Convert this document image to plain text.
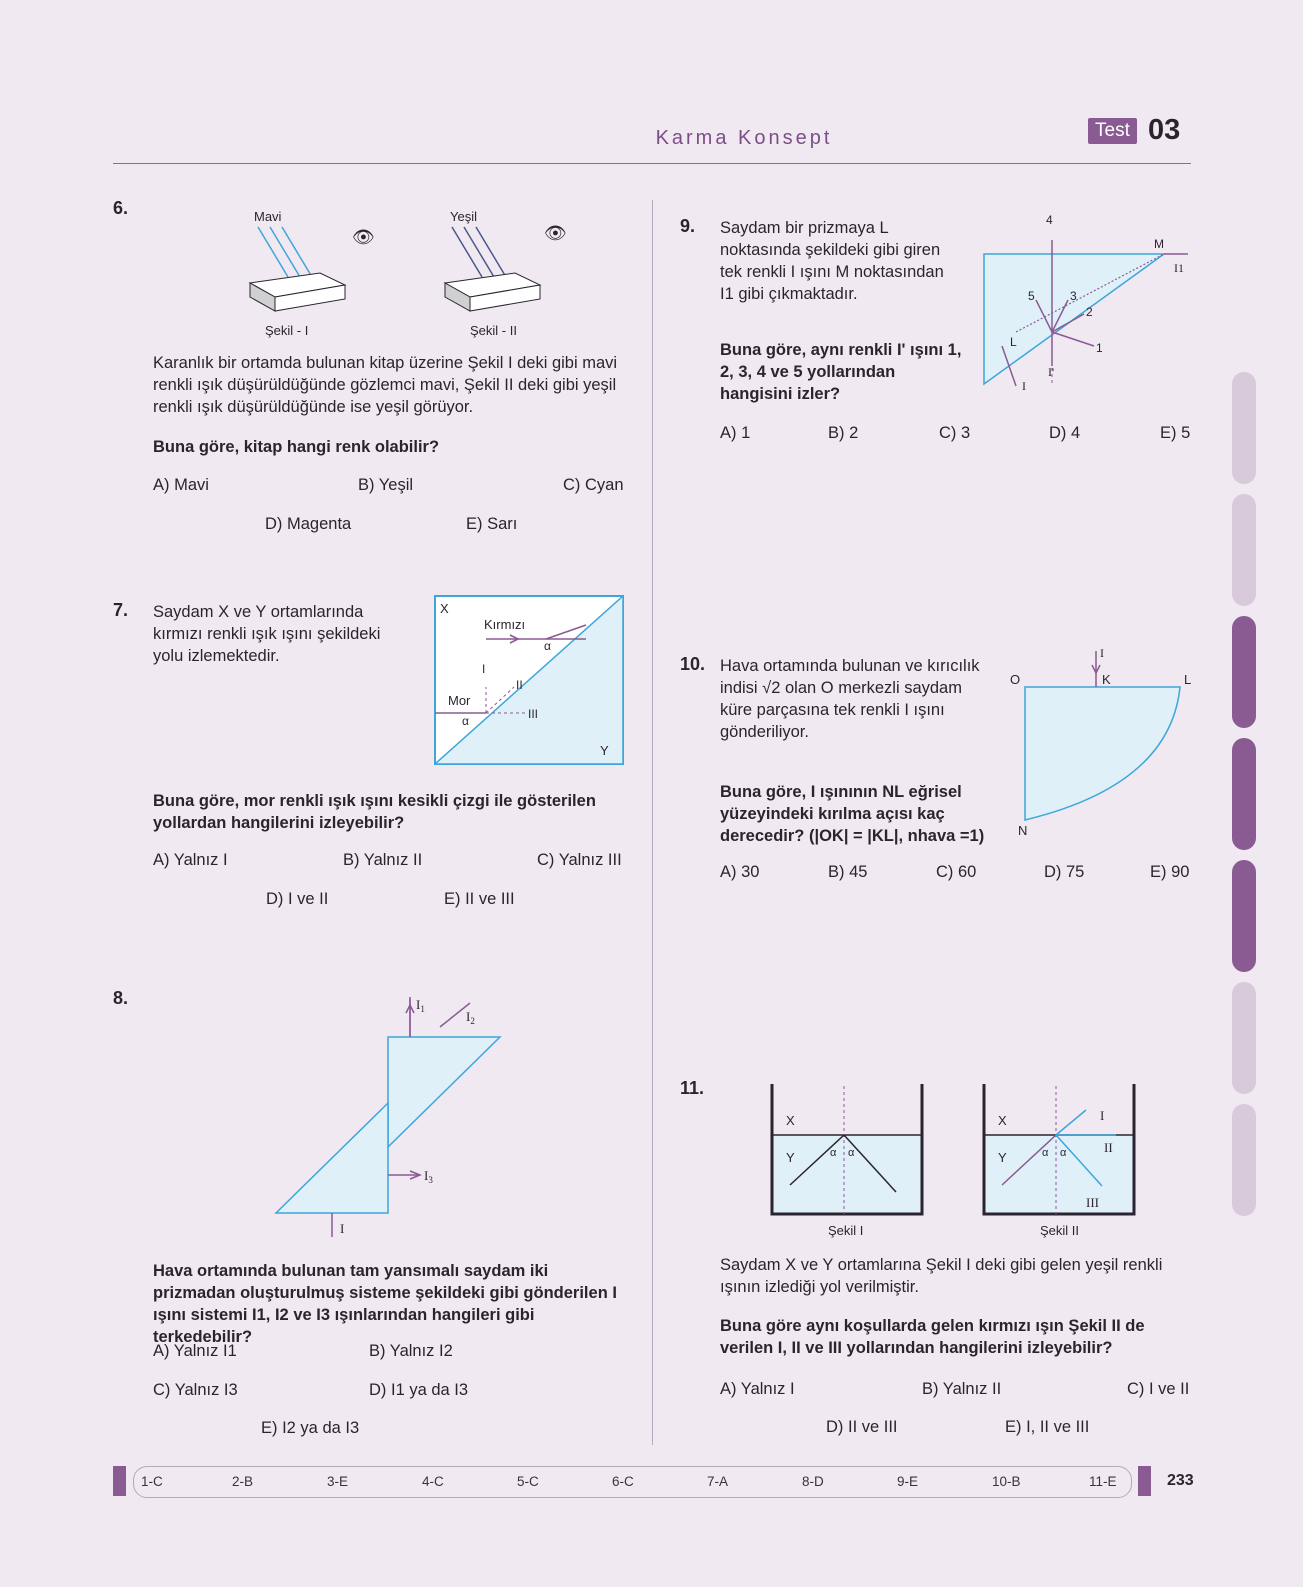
Karma Konsept	Test 03
6.	Mavi	Yeşil
👁	👁
Şekil - I	Şekil - II
Karanlık bir ortamda bulunan kitap üzerine Şekil I deki gibi mavi renkli ışık düşürüldüğünde gözlemci mavi, Şekil II deki gibi yeşil renkli ışık düşürüldüğünde ise yeşil görüyor.
Buna göre, kitap hangi renk olabilir?
A) Mavi	B) Yeşil	C) Cyan
D) Magenta	E) Sarı
7. Saydam X ve Y ortamlarında kırmızı renkli ışık ışını şekildeki yolu izlemektedir.
X
Y
Kırmızı
α
Mor
α
I
II
III
Buna göre, mor renkli ışık ışını kesikli çizgi ile gösterilen yollardan hangilerini izleyebilir?
A) Yalnız I	B) Yalnız II	C) Yalnız III
D) I ve II	E) II ve III
8.	$I_1$	$I_2$
$I_3$
I
Hava ortamında bulunan tam yansımalı saydam iki prizmadan oluşturulmuş sisteme şekildeki gibi gönderilen I ışını sistemi I1, I2 ve I3 ışınlarından hangileri gibi terkedebilir?
A) Yalnız I1	B) Yalnız I2
C) Yalnız I3	D) I1 ya da I3
E) I2 ya da I3
9. Saydam bir prizmaya L noktasında şekildeki gibi giren tek renkli I ışını M noktasından I1 gibi çıkmaktadır.
4
1
2
3
5
L
M
I
I'
I1
Buna göre, aynı renkli I' ışını 1, 2, 3, 4 ve 5 yollarından hangisini izler?
A) 1	B) 2	C) 3	D) 4	E) 5
10. Hava ortamında bulunan ve kırıcılık indisi √2 olan O merkezli saydam küre parçasına tek renkli I ışını gönderiliyor.
I
K
O	L
N
Buna göre, I ışınının NL eğrisel yüzeyindeki kırılma açısı kaç derecedir? (|OK| = |KL|, nhava =1)
A) 30	B) 45	C) 60	D) 75	E) 90
11.
X
Y	α α
X
Y	α α
I
II
III
Şekil I	Şekil II
Saydam X ve Y ortamlarına Şekil I deki gibi gelen yeşil renkli ışının izlediği yol verilmiştir.
Buna göre aynı koşullarda gelen kırmızı ışın Şekil II de verilen I, II ve III yollarından hangilerini izleyebilir?
A) Yalnız I	B) Yalnız II	C) I ve II
D) II ve III	E) I, II ve III
1-C	2-B	3-E	4-C	5-C	6-C	7-A	8-D	9-E	10-B	11-E	233
